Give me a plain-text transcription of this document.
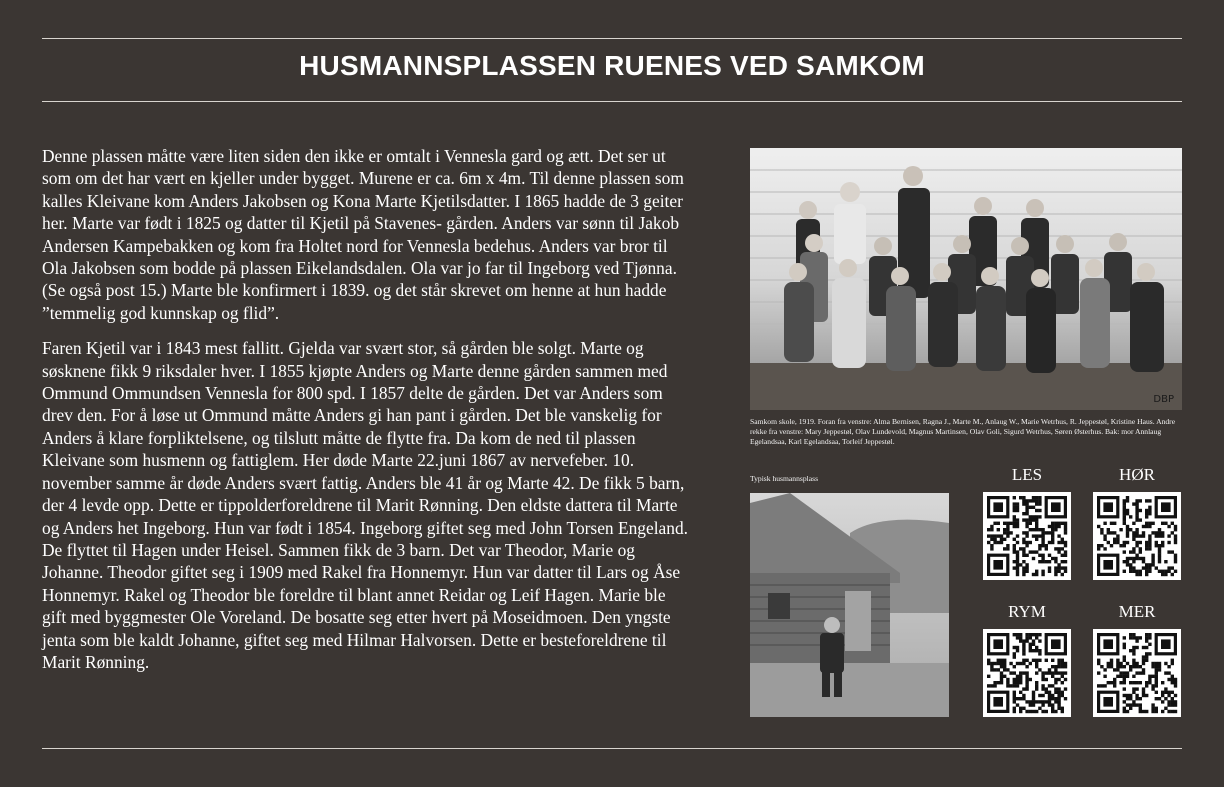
HUSMANNSPLASSEN RUENES VED SAMKOM

Denne plassen måtte være liten siden den ikke er omtalt i Vennesla gard og ætt. Det ser ut som om det har vært en kjeller under bygget. Murene er ca. 6m x 4m. Til denne plassen som kalles Kleivane kom Anders Jakobsen og Kona Marte Kjetilsdatter. I 1865 hadde de 3 geiter her. Marte var født i 1825 og datter til Kjetil på Stavenes- gården. Anders var sønn til Jakob Andersen Kampebakken og kom fra Holtet nord for Vennesla bedehus. Anders var bror til Ola Jakobsen som bodde på plassen Eikelandsdalen. Ola var jo far til Ingeborg ved Tjønna.(Se også post 15.) Marte ble konfirmert i 1839. og det står skrevet om henne at hun hadde ”temmelig god kunnskap og flid”.

Faren Kjetil var i 1843 mest fallitt. Gjelda var svært stor, så gården ble solgt. Marte og søsknene fikk 9 riksdaler hver. I 1855 kjøpte Anders og Marte denne gården sammen med Ommund Ommundsen Vennesla for 800 spd. I 1857 delte de gården. Det var Anders som drev den. For å løse ut Ommund måtte Anders gi han pant i gården. Det ble vanskelig for Anders å klare forpliktelsene, og tilslutt måtte de flytte fra. Da kom de ned til plassen Kleivane som husmenn og fattiglem. Her døde Marte 22.juni 1867 av nervefeber. 10. november samme år døde Anders svært fattig. Anders ble 41 år og Marte 42. De fikk 5 barn, der 4 levde opp. Dette er tippolderforeldrene til Marit Rønning. Den eldste dattera til Marte og Anders het Ingeborg. Hun var født i 1854. Ingeborg giftet seg med John Torsen Engeland. De flyttet til Hagen under Heisel. Sammen fikk de 3 barn. Det var Theodor, Marie og Johanne. Theodor giftet seg i 1909 med Rakel fra Honnemyr. Hun var datter til Lars og Åse Honnemyr. Rakel og Theodor ble foreldre til blant annet Reidar og Leif Hagen. Marie ble gift med byggmester Ole Voreland. De bosatte seg etter hvert på Moseidmoen. Den yngste jenta som ble kaldt Johanne, giftet seg med Hilmar Halvorsen. Dette er besteforeldrene til Marit Rønning.

DBP
Samkom skole, 1919. Foran fra venstre: Alma Bernisen, Ragna J., Marte M., Anlaug W., Marie Wetrhus, R. Jeppestøl, Kristine Haus. Andre rekke fra venstre: Mary Jeppestøl, Olav Lundevold, Magnus Martinsen, Olav Goli, Sigurd Wetrhus, Søren Østerhus. Bak: mor Annlaug Egelandsaa, Karl Egelandsaa, Torleif Jeppestøl.
Typisk husmannsplass	LES	HØR
RYM	MER
